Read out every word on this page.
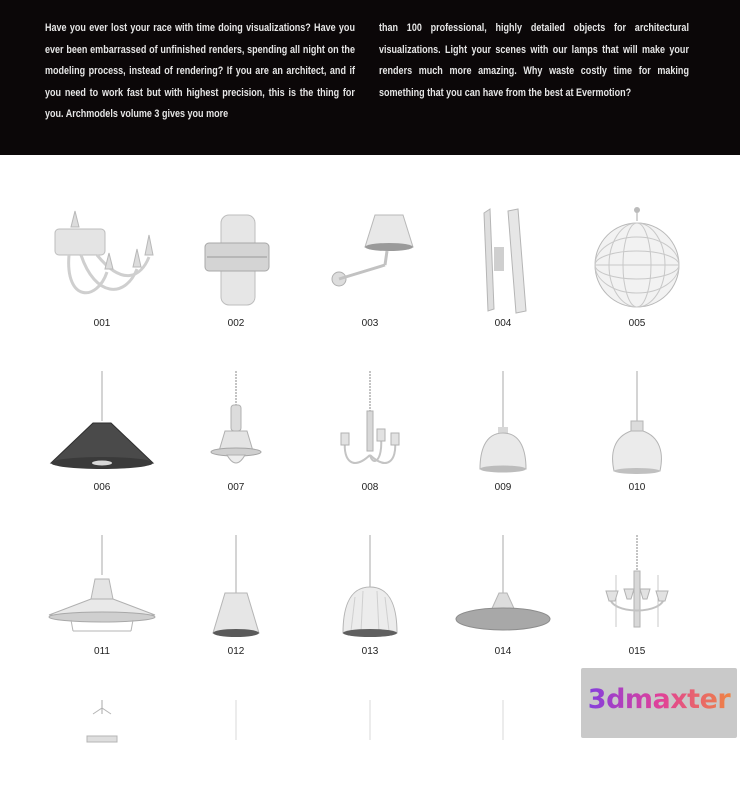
Have you ever lost your race with time doing visualizations? Have you ever been embarrassed of unfinished renders, spending all night on the modeling process, instead of rendering? If you are an architect, and if you need to work fast but with highest precision, this is the thing for you. Archmodels volume 3 gives you more
than 100 professional, highly detailed objects for architectural visualizations. Light your scenes with our lamps that will make your renders much more amazing. Why waste costly time for making something that you can have from the best at Evermotion?
001	002	003	004	005
006	007	008	009	010
011	012	013	014	015
3dmaxter
